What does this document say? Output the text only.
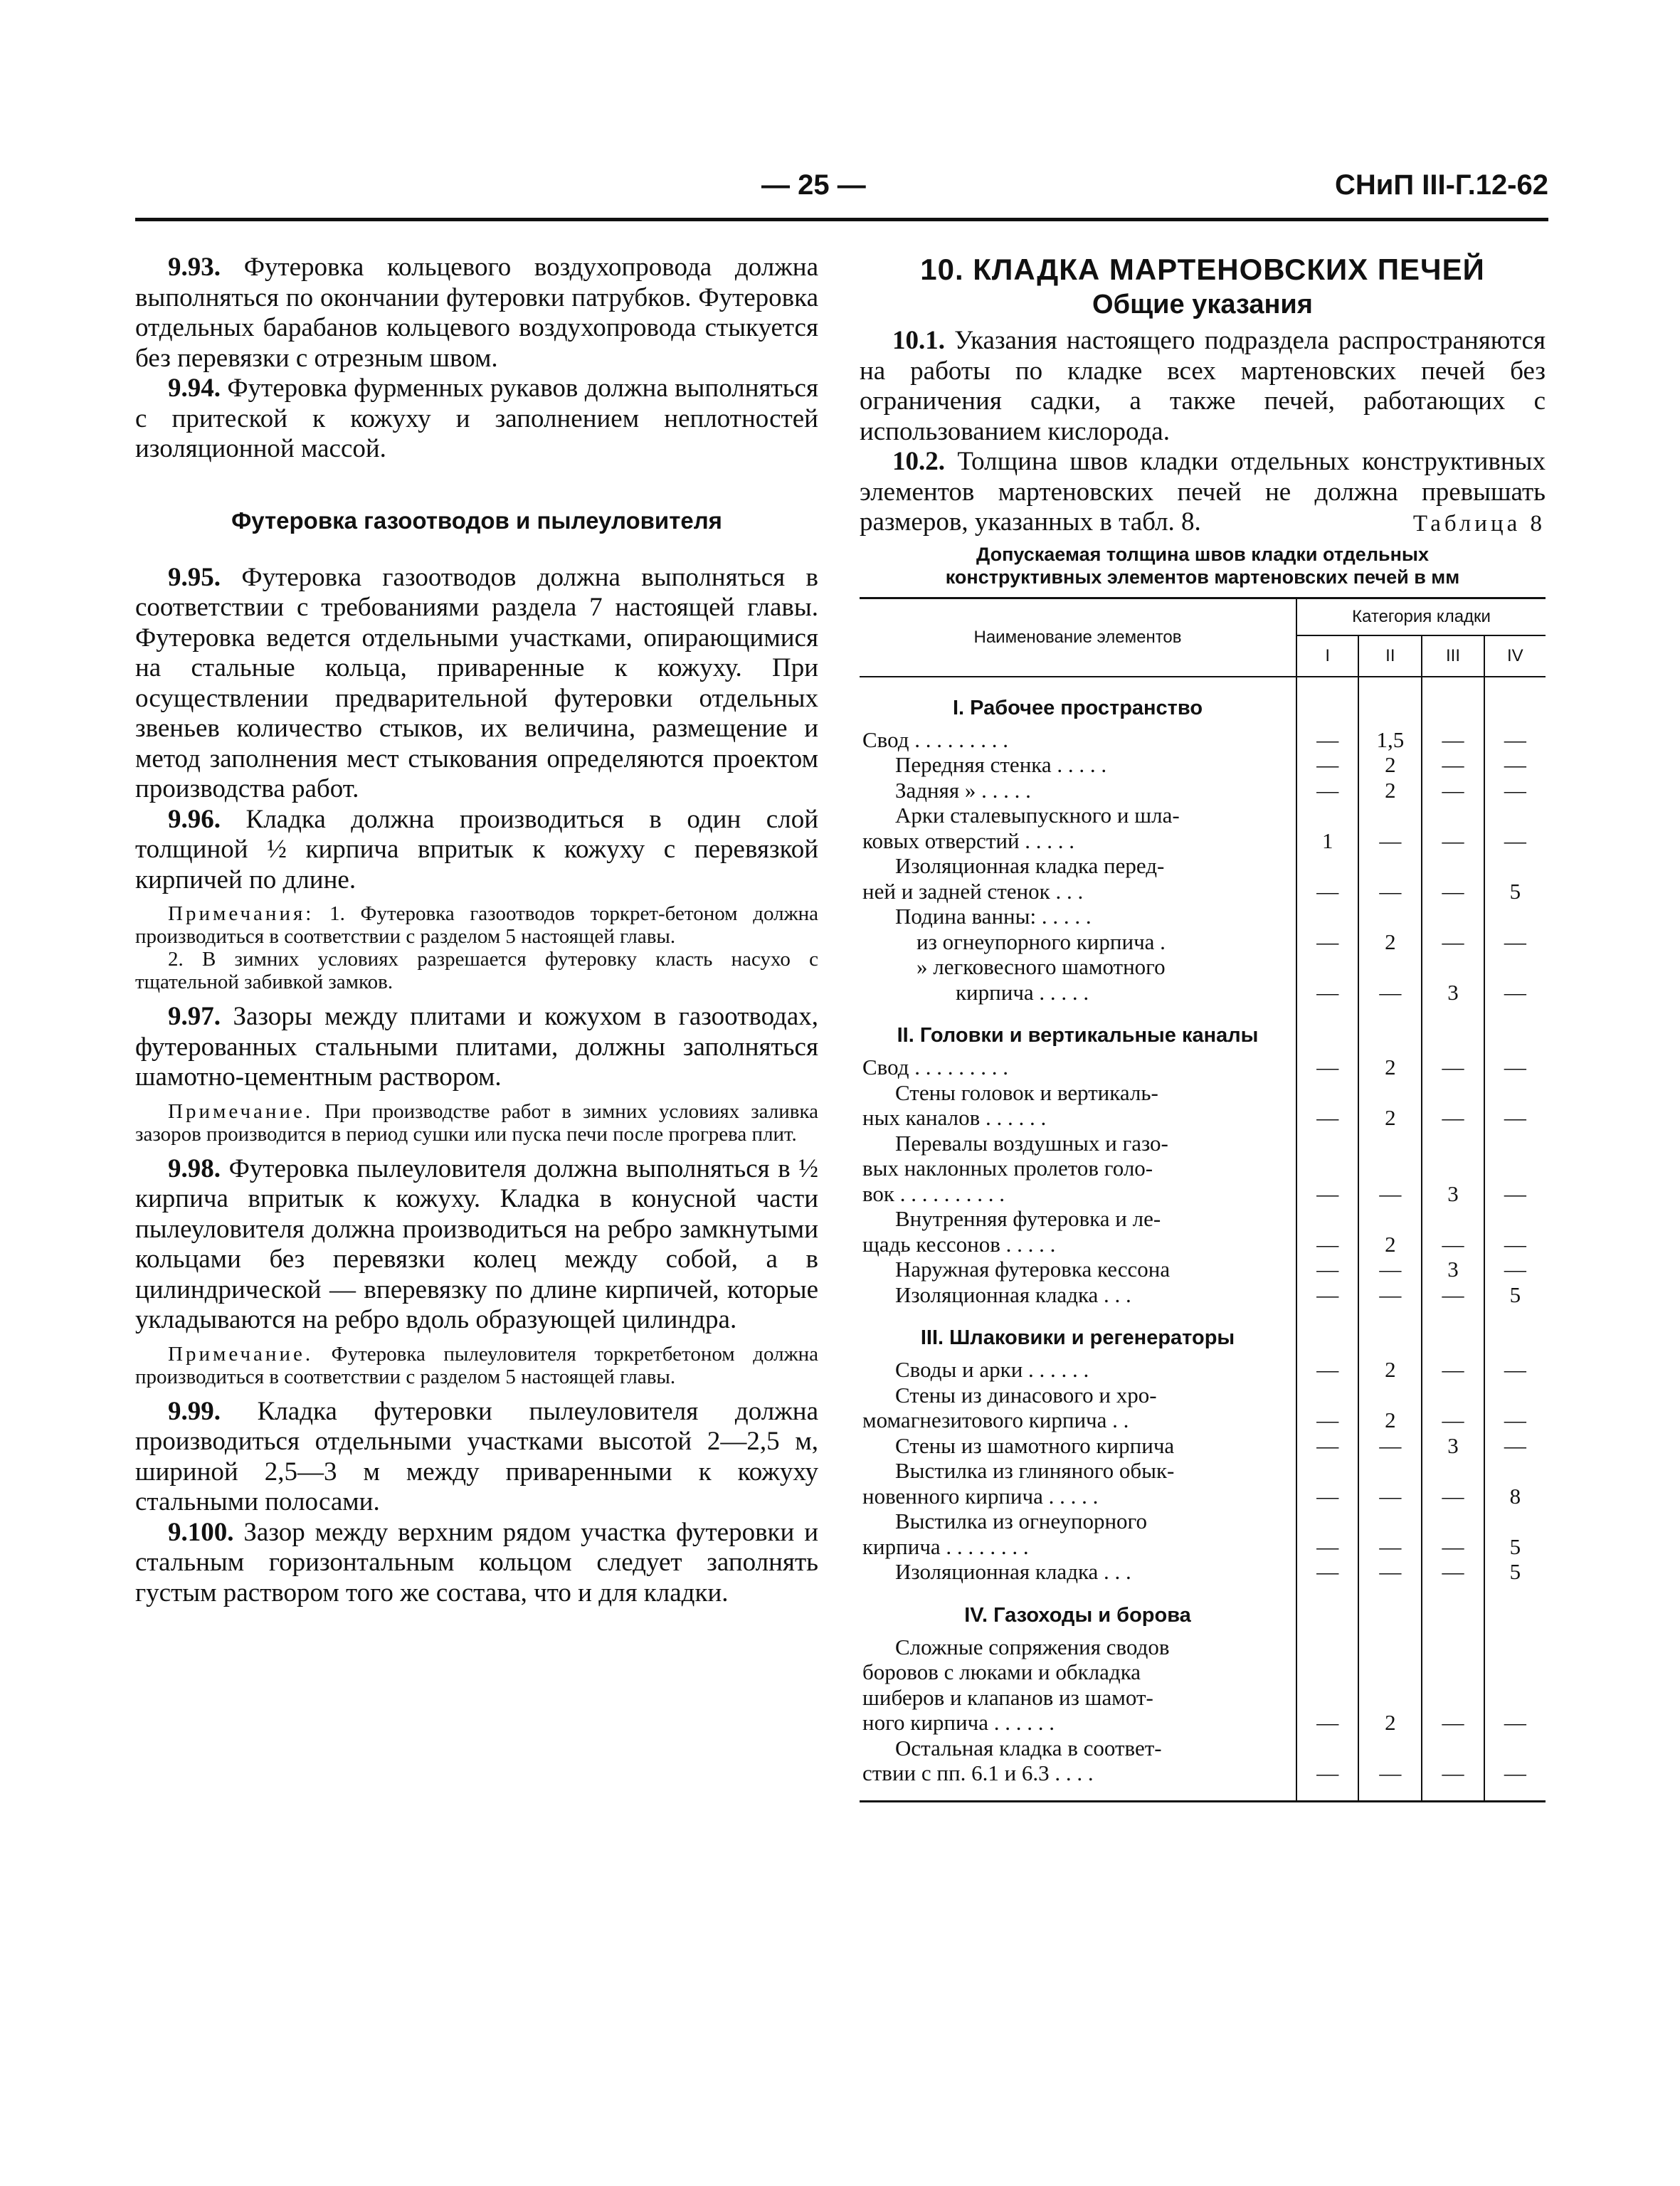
— 25 —	СНиП III-Г.12-62

9.93. Футеровка кольцевого воздухопровода должна выполняться по окончании футеровки патрубков. Футеровка отдельных барабанов кольцевого воздухопровода стыкуется без перевязки с отрезным швом.

9.94. Футеровка фурменных рукавов должна выполняться с притеской к кожуху и заполнением неплотностей изоляционной массой.

Футеровка газоотводов и пылеуловителя

9.95. Футеровка газоотводов должна выполняться в соответствии с требованиями раздела 7 настоящей главы. Футеровка ведется отдельными участками, опирающимися на стальные кольца, приваренные к кожуху. При осуществлении предварительной футеровки отдельных звеньев количество стыков, их величина, размещение и метод заполнения мест стыкования определяются проектом производства работ.

9.96. Кладка должна производиться в один слой толщиной ½ кирпича впритык к кожуху с перевязкой кирпичей по длине.

Примечания: 1. Футеровка газоотводов торкрет-бетоном должна производиться в соответствии с разделом 5 настоящей главы.

2. В зимних условиях разрешается футеровку класть насухо с тщательной забивкой замков.

9.97. Зазоры между плитами и кожухом в газоотводах, футерованных стальными плитами, должны заполняться шамотно-цементным раствором.

Примечание. При производстве работ в зимних условиях заливка зазоров производится в период сушки или пуска печи после прогрева плит.

9.98. Футеровка пылеуловителя должна выполняться в ½ кирпича впритык к кожуху. Кладка в конусной части пылеуловителя должна производиться на ребро замкнутыми кольцами без перевязки колец между собой, а в цилиндрической — вперевязку по длине кирпичей, которые укладываются на ребро вдоль образующей цилиндра.

Примечание. Футеровка пылеуловителя торкретбетоном должна производиться в соответствии с разделом 5 настоящей главы.

9.99. Кладка футеровки пылеуловителя должна производиться отдельными участками высотой 2—2,5 м, шириной 2,5—3 м между приваренными к кожуху стальными полосами.

9.100. Зазор между верхним рядом участка футеровки и стальным горизонтальным кольцом следует заполнять густым раствором того же состава, что и для кладки.

10. КЛАДКА МАРТЕНОВСКИХ ПЕЧЕЙ
Общие указания

10.1. Указания настоящего подраздела распространяются на работы по кладке всех мартеновских печей без ограничения садки, а также печей, работающих с использованием кислорода.

10.2. Толщина швов кладки отдельных конструктивных элементов мартеновских печей не должна превышать размеров, указанных в табл. 8.	Таблица 8
Допускаемая толщина швов кладки отдельных
конструктивных элементов мартеновских печей в мм
Наименование элементов	Категория кладки			
	I	II	III	IV
I. Рабочее пространство				
Свод . . . . . . . . .	—	1,5	—	—
Передняя стенка . . . . .	—	2	—	—
Задняя » . . . . .	—	2	—	—
Арки сталевыпускного и шла-				
ковых отверстий . . . . .	1	—	—	—
Изоляционная кладка перед-				
ней и задней стенок . . .	—	—	—	5
Подина ванны: . . . . .				
из огнеупорного кирпича .	—	2	—	—
» легковесного шамотного				
кирпича . . . . .	—	—	3	—
II. Головки и вертикальные каналы				
Свод . . . . . . . . .	—	2	—	—
Стены головок и вертикаль-				
ных каналов . . . . . .	—	2	—	—
Перевалы воздушных и газо-				
вых наклонных пролетов голо-				
вок . . . . . . . . . .	—	—	3	—
Внутренняя футеровка и ле-				
щадь кессонов . . . . .	—	2	—	—
Наружная футеровка кессона	—	—	3	—
Изоляционная кладка . . .	—	—	—	5
III. Шлаковики и регенераторы				
Своды и арки . . . . . .	—	2	—	—
Стены из динасового и хро-				
момагнезитового кирпича . .	—	2	—	—
Стены из шамотного кирпича	—	—	3	—
Выстилка из глиняного обык-				
новенного кирпича . . . . .	—	—	—	8
Выстилка из огнеупорного				
кирпича . . . . . . . .	—	—	—	5
Изоляционная кладка . . .	—	—	—	5
IV. Газоходы и борова				
Сложные сопряжения сводов				
боровов с люками и обкладка				
шиберов и клапанов из шамот-				
ного кирпича . . . . . .	—	2	—	—
Остальная кладка в соответ-				
ствии с пп. 6.1 и 6.3 . . . .	—	—	—	—
